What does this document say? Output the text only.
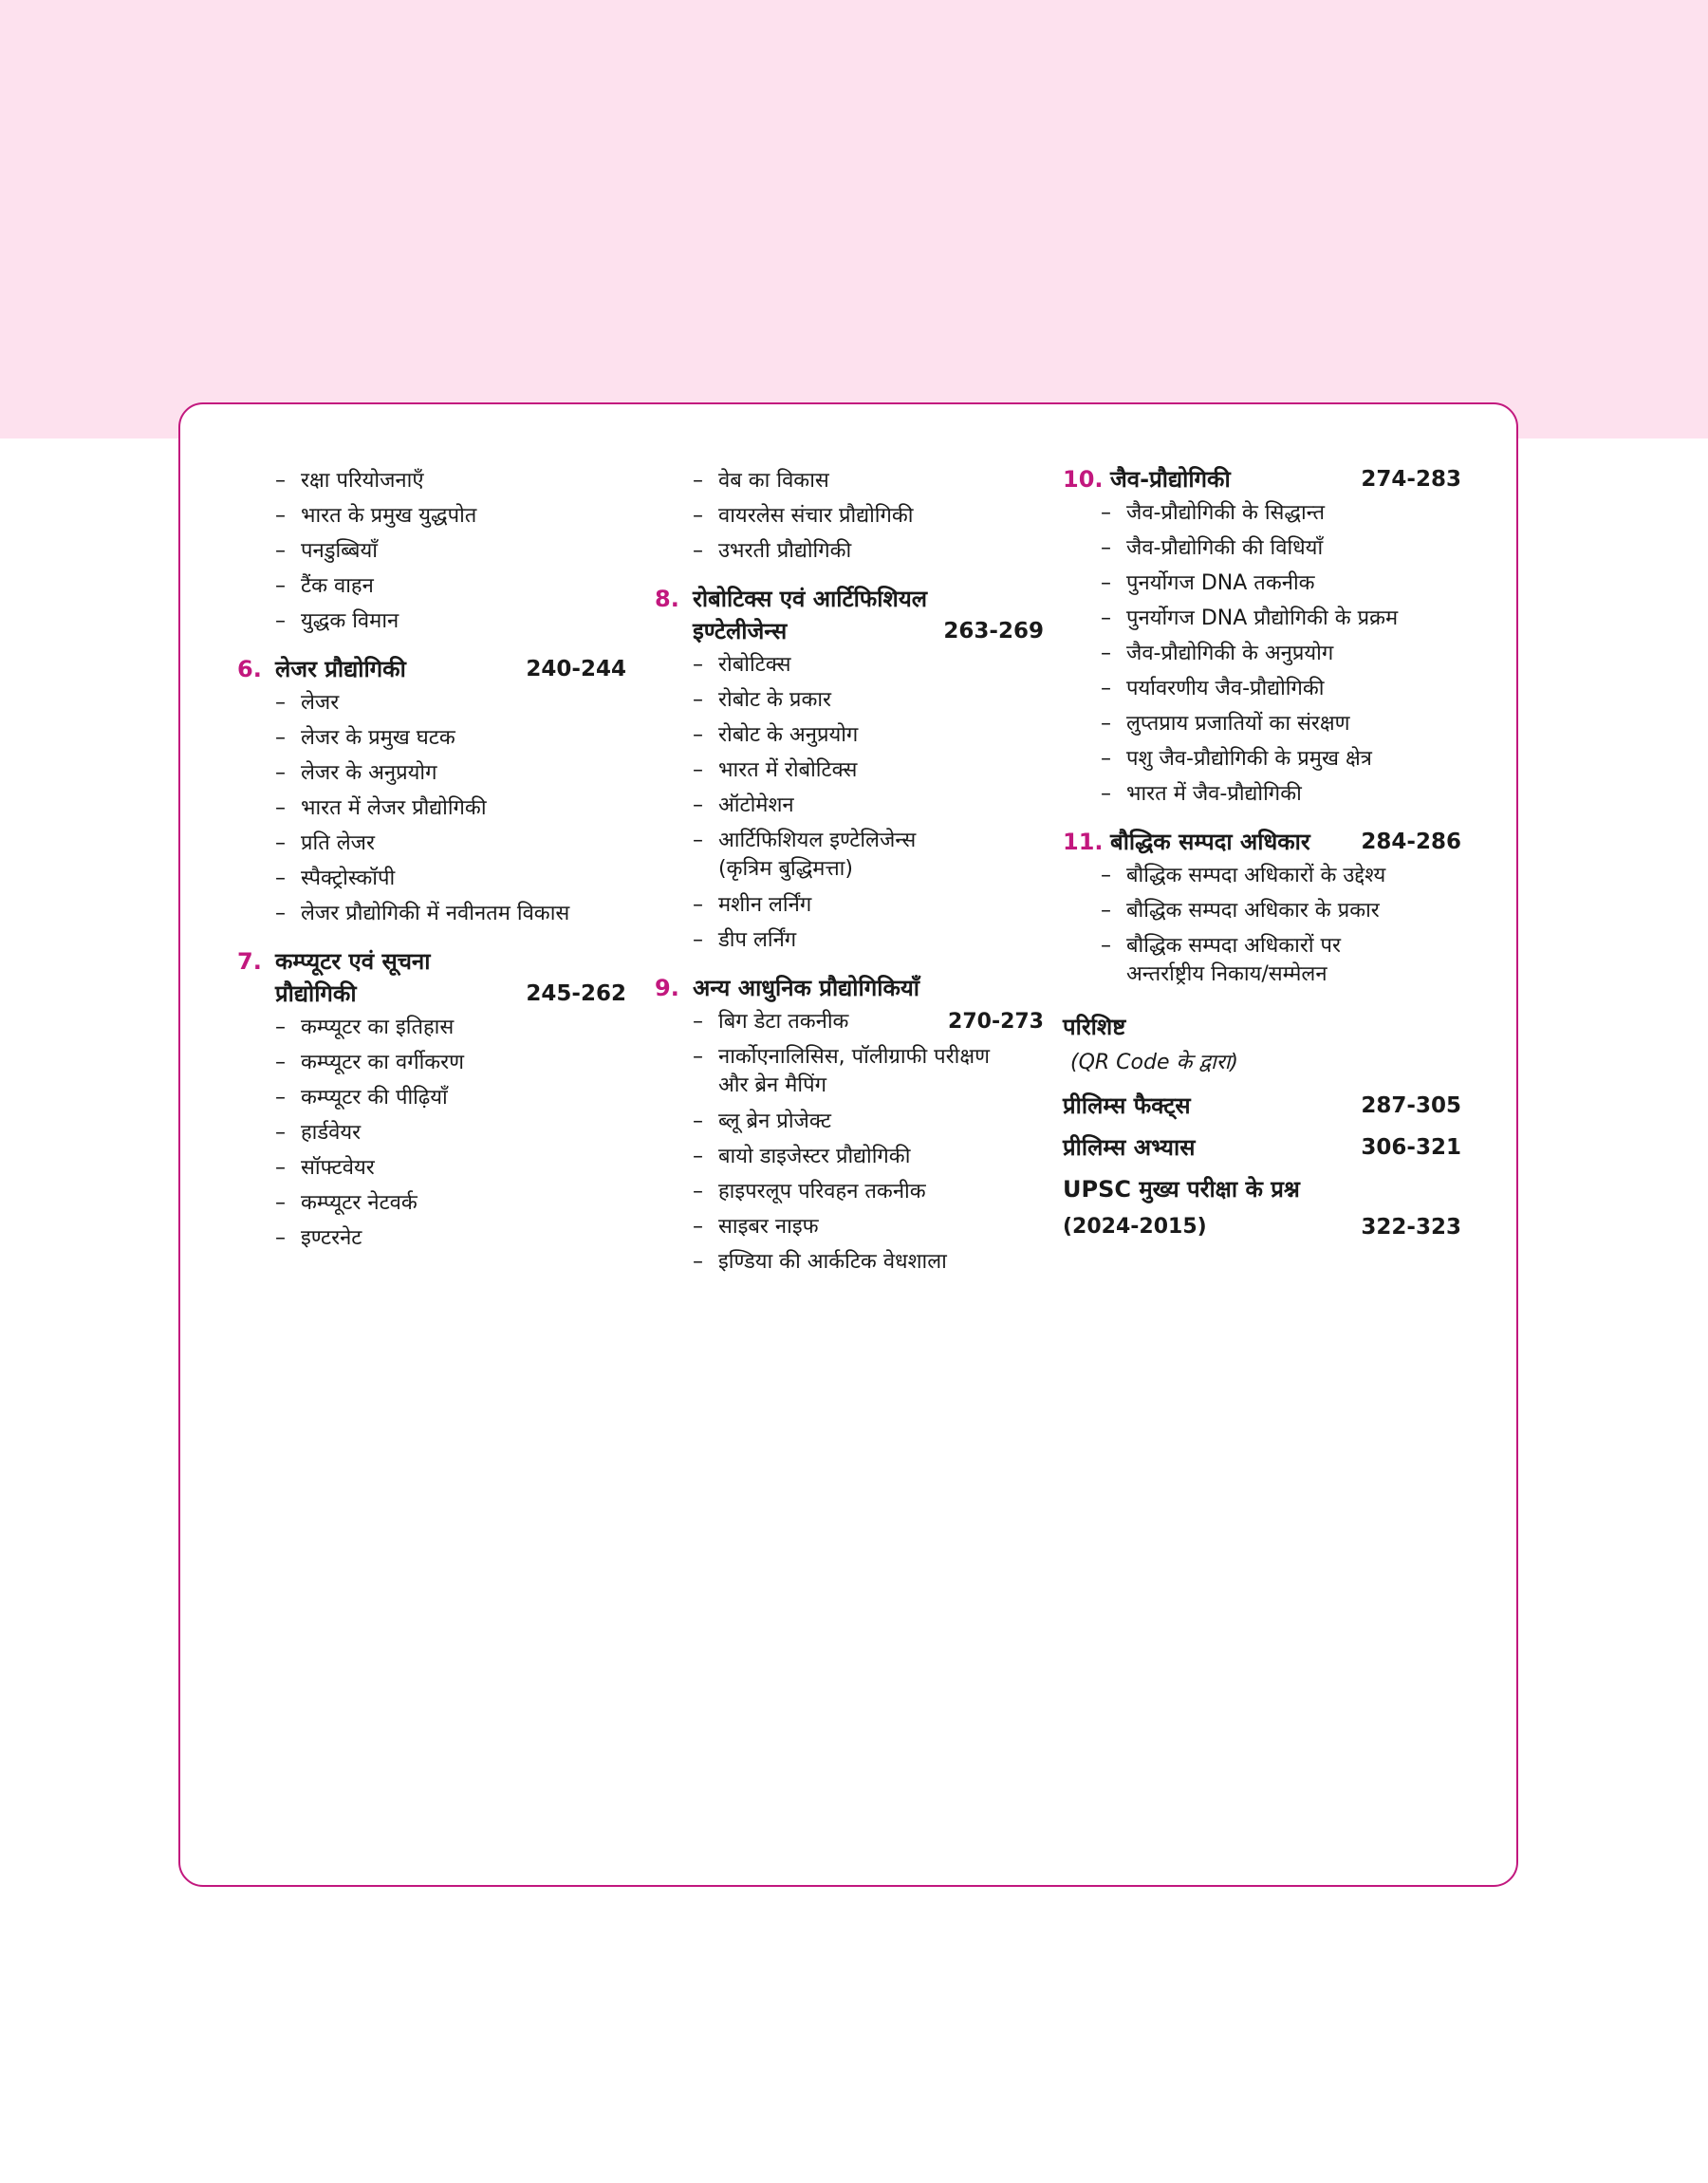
– रक्षा परियोजनाएँ
– भारत के प्रमुख युद्धपोत
– पनडुब्बियाँ
– टैंक वाहन
– युद्धक विमान
6. लेजर प्रौद्योगिकी	240-244
– लेजर
– लेजर के प्रमुख घटक
– लेजर के अनुप्रयोग
– भारत में लेजर प्रौद्योगिकी
– प्रति लेजर
– स्पैक्ट्रोस्कॉपी
– लेजर प्रौद्योगिकी में नवीनतम विकास
7. कम्प्यूटर एवं सूचना
प्रौद्योगिकी	245-262
– कम्प्यूटर का इतिहास
– कम्प्यूटर का वर्गीकरण
– कम्प्यूटर की पीढ़ियाँ
– हार्डवेयर
– सॉफ्टवेयर
– कम्प्यूटर नेटवर्क
– इण्टरनेट
– वेब का विकास
– वायरलेस संचार प्रौद्योगिकी
– उभरती प्रौद्योगिकी
8. रोबोटिक्स एवं आर्टिफिशियल
इण्टेलीजेन्स	263-269
– रोबोटिक्स
– रोबोट के प्रकार
– रोबोट के अनुप्रयोग
– भारत में रोबोटिक्स
– ऑटोमेशन
– आर्टिफिशियल इण्टेलिजेन्स
(कृत्रिम बुद्धिमत्ता)
– मशीन लर्निंग
– डीप लर्निंग
9. अन्य आधुनिक प्रौद्योगिकियाँ
– बिग डेटा तकनीक	270-273
– नार्कोएनालिसिस, पॉलीग्राफी परीक्षण
और ब्रेन मैपिंग
– ब्लू ब्रेन प्रोजेक्ट
– बायो डाइजेस्टर प्रौद्योगिकी
– हाइपरलूप परिवहन तकनीक
– साइबर नाइफ
– इण्डिया की आर्कटिक वेधशाला
10. जैव-प्रौद्योगिकी	274-283
– जैव-प्रौद्योगिकी के सिद्धान्त
– जैव-प्रौद्योगिकी की विधियाँ
– पुनर्योगज DNA तकनीक
– पुनर्योगज DNA प्रौद्योगिकी के प्रक्रम
– जैव-प्रौद्योगिकी के अनुप्रयोग
– पर्यावरणीय जैव-प्रौद्योगिकी
– लुप्तप्राय प्रजातियों का संरक्षण
– पशु जैव-प्रौद्योगिकी के प्रमुख क्षेत्र
– भारत में जैव-प्रौद्योगिकी
11. बौद्धिक सम्पदा अधिकार	284-286
– बौद्धिक सम्पदा अधिकारों के उद्देश्य
– बौद्धिक सम्पदा अधिकार के प्रकार
– बौद्धिक सम्पदा अधिकारों पर
अन्तर्राष्ट्रीय निकाय/सम्मेलन
परिशिष्ट
(QR Code के द्वारा)
प्रीलिम्स फैक्ट्स	287-305
प्रीलिम्स अभ्यास	306-321
UPSC मुख्य परीक्षा के प्रश्न
(2024-2015)	322-323
